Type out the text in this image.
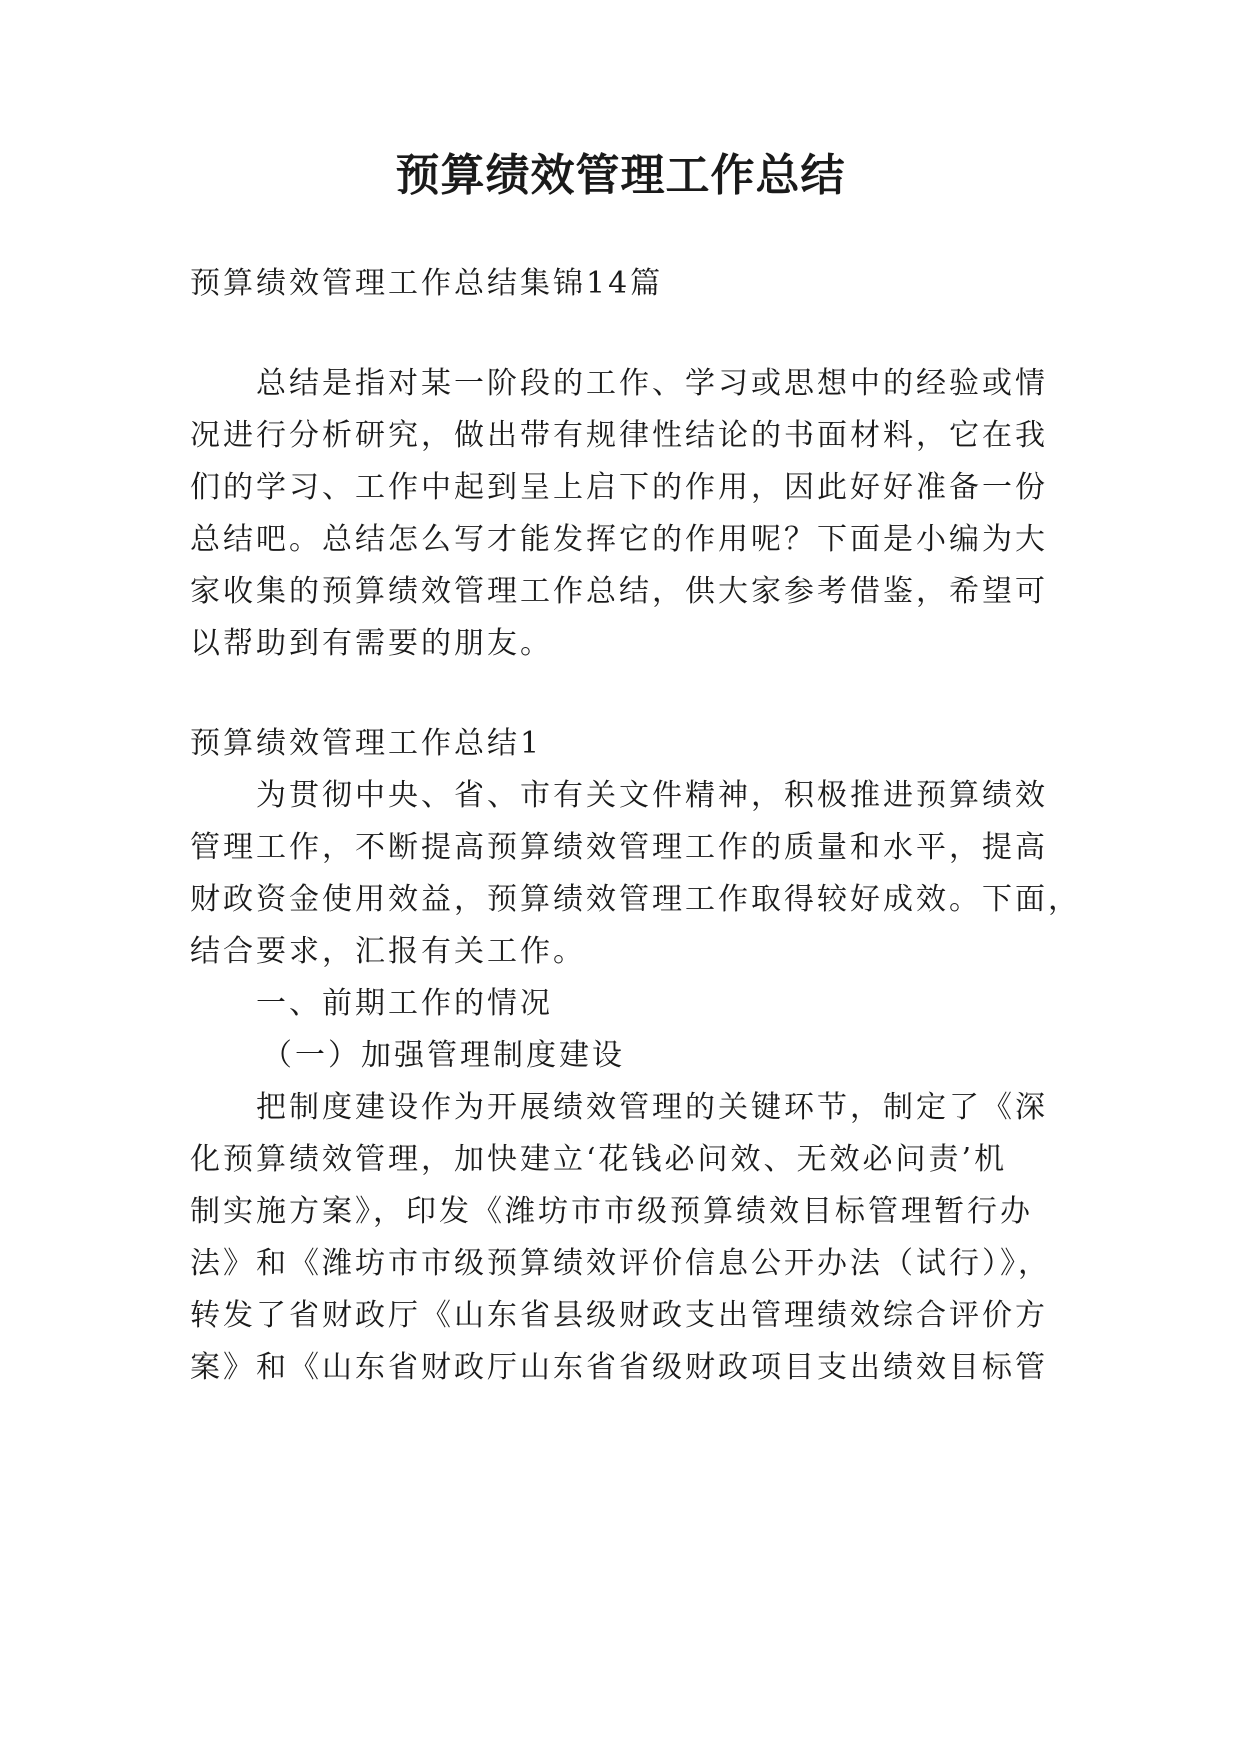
预算绩效管理工作总结
预算绩效管理工作总结集锦14篇
总结是指对某一阶段的工作、学习或思想中的经验或情
况进行分析研究，做出带有规律性结论的书面材料，它在我
们的学习、工作中起到呈上启下的作用，因此好好准备一份
总结吧。总结怎么写才能发挥它的作用呢？下面是小编为大
家收集的预算绩效管理工作总结，供大家参考借鉴，希望可
以帮助到有需要的朋友。
预算绩效管理工作总结1
为贯彻中央、省、市有关文件精神，积极推进预算绩效
管理工作，不断提高预算绩效管理工作的质量和水平，提高
财政资金使用效益，预算绩效管理工作取得较好成效。下面，
结合要求，汇报有关工作。
一、前期工作的情况
（一）加强管理制度建设
把制度建设作为开展绩效管理的关键环节，制定了《深
化预算绩效管理，加快建立‘花钱必问效、无效必问责’机
制实施方案》，印发《潍坊市市级预算绩效目标管理暂行办
法》和《潍坊市市级预算绩效评价信息公开办法（试行）》，
转发了省财政厅《山东省县级财政支出管理绩效综合评价方
案》和《山东省财政厅山东省省级财政项目支出绩效目标管
